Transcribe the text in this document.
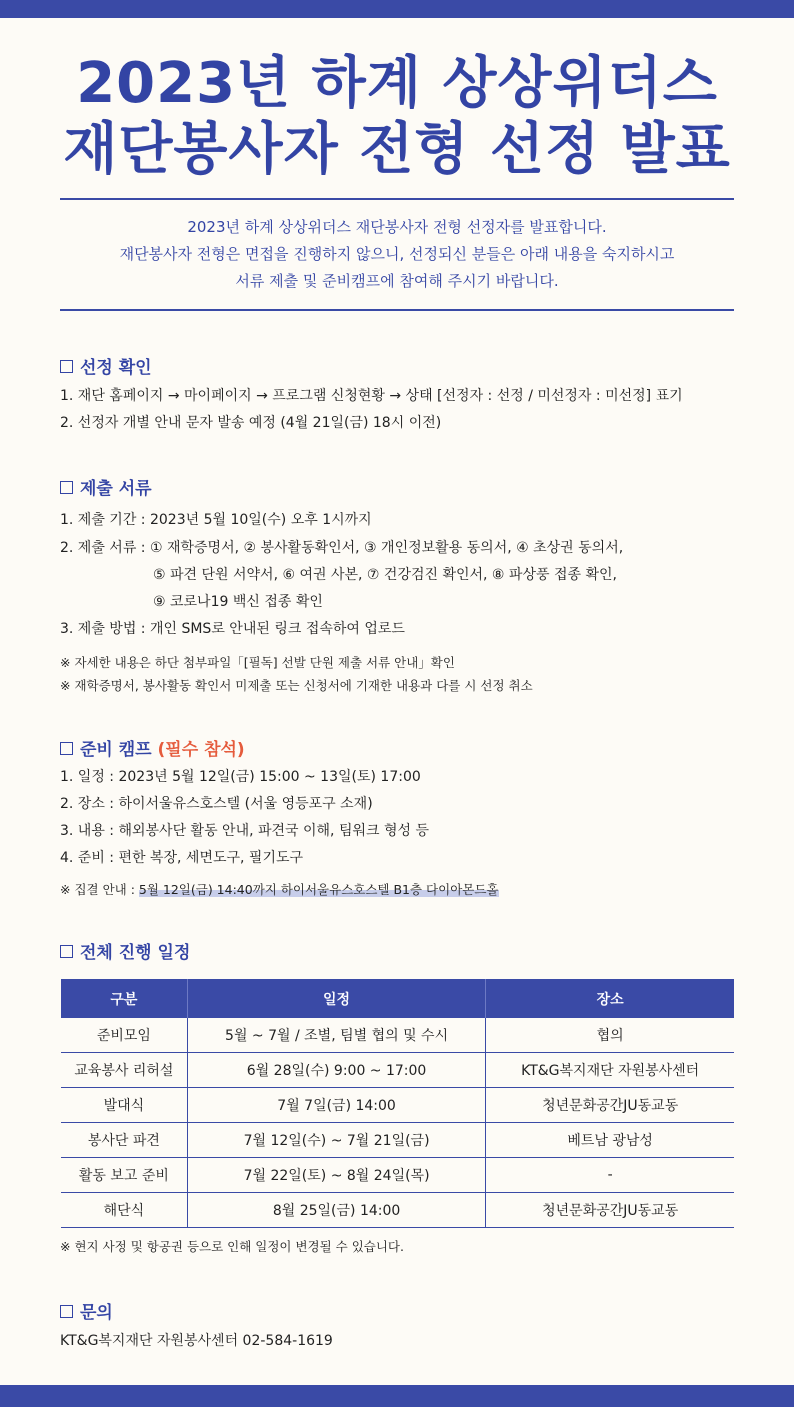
2023년 하계 상상위더스
재단봉사자 전형 선정 발표
2023년 하계 상상위더스 재단봉사자 전형 선정자를 발표합니다.
재단봉사자 전형은 면접을 진행하지 않으니, 선정되신 분들은 아래 내용을 숙지하시고
서류 제출 및 준비캠프에 참여해 주시기 바랍니다.
선정 확인
1. 재단 홈페이지 → 마이페이지 → 프로그램 신청현황 → 상태 [선정자 : 선정 / 미선정자 : 미선정] 표기
2. 선정자 개별 안내 문자 발송 예정 (4월 21일(금) 18시 이전)
제출 서류
1. 제출 기간 : 2023년 5월 10일(수) 오후 1시까지
2. 제출 서류 : ① 재학증명서, ② 봉사활동확인서, ③ 개인정보활용 동의서, ④ 초상권 동의서,
⑤ 파견 단원 서약서, ⑥ 여권 사본, ⑦ 건강검진 확인서, ⑧ 파상풍 접종 확인,
⑨ 코로나19 백신 접종 확인
3. 제출 방법 : 개인 SMS로 안내된 링크 접속하여 업로드
※ 자세한 내용은 하단 첨부파일「[필독] 선발 단원 제출 서류 안내」확인
※ 재학증명서, 봉사활동 확인서 미제출 또는 신청서에 기재한 내용과 다를 시 선정 취소
준비 캠프 (필수 참석)
1. 일정 : 2023년 5월 12일(금) 15:00 ~ 13일(토) 17:00
2. 장소 : 하이서울유스호스텔 (서울 영등포구 소재)
3. 내용 : 해외봉사단 활동 안내, 파견국 이해, 팀워크 형성 등
4. 준비 : 편한 복장, 세면도구, 필기도구
※ 집결 안내 : 5월 12일(금) 14:40까지 하이서울유스호스텔 B1층 다이아몬드홀
전체 진행 일정
구분	일정	장소
준비모임	5월 ~ 7월 / 조별, 팀별 협의 및 수시	협의
교육봉사 리허설	6월 28일(수) 9:00 ~ 17:00	KT&G복지재단 자원봉사센터
발대식	7월 7일(금) 14:00	청년문화공간JU동교동
봉사단 파견	7월 12일(수) ~ 7월 21일(금)	베트남 광남성
활동 보고 준비	7월 22일(토) ~ 8월 24일(목)	-
해단식	8월 25일(금) 14:00	청년문화공간JU동교동
※ 현지 사정 및 항공권 등으로 인해 일정이 변경될 수 있습니다.
문의
KT&G복지재단 자원봉사센터 02-584-1619
